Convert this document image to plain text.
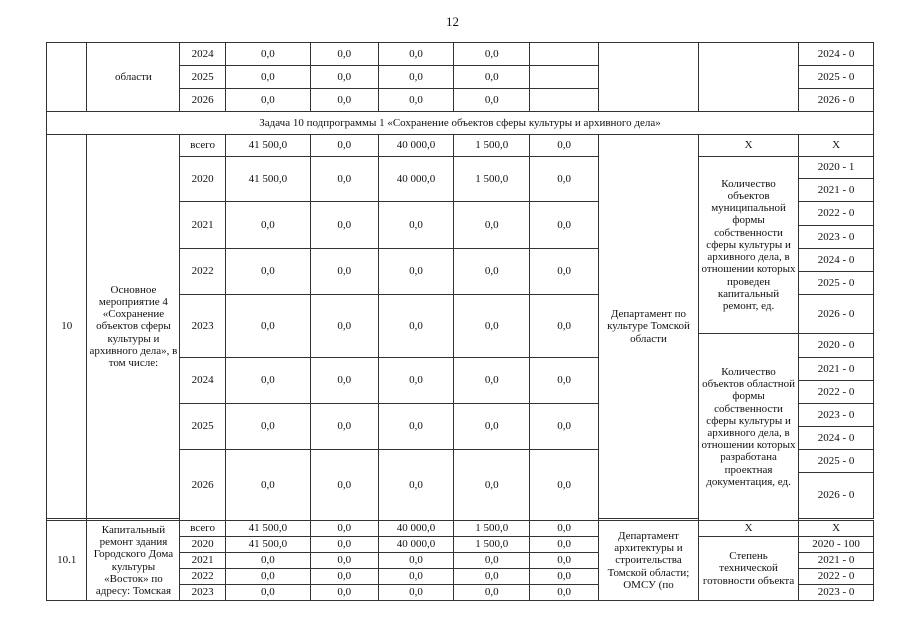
12
	области	2024	0,0	0,0	0,0	0,0				2024 - 0
		2025	0,0	0,0	0,0	0,0				2025 - 0
		2026	0,0	0,0	0,0	0,0				2026 - 0
Задача 10 подпрограммы 1 «Сохранение объектов сферы культуры и архивного дела»										
10	Основное мероприятие 4 «Сохранение объектов сферы культуры и архивного дела», в том числе:	всего	41 500,0	0,0	40 000,0	1 500,0	0,0	Департамент по культуре Томской области	X	X
		2020	41 500,0	0,0	40 000,0	1 500,0	0,0		Количество объектов муниципальной формы собственности сферы культуры и архивного дела, в отношении которых проведен капитальный ремонт, ед.	2020 - 1
										2021 - 0
		2021	0,0	0,0	0,0	0,0	0,0			2022 - 0
										2023 - 0
		2022	0,0	0,0	0,0	0,0	0,0			2024 - 0
										2025 - 0
		2023	0,0	0,0	0,0	0,0	0,0			2026 - 0
									Количество объектов областной формы собственности сферы культуры и архивного дела, в отношении которых разработана проектная документация, ед.	2020 - 0
		2024	0,0	0,0	0,0	0,0	0,0			2021 - 0
										2022 - 0
		2025	0,0	0,0	0,0	0,0	0,0			2023 - 0
										2024 - 0
		2026	0,0	0,0	0,0	0,0	0,0			2025 - 0
										2026 - 0

10.1	Капитальный ремонт здания Городского Дома культуры «Восток» по адресу: Томская	всего	41 500,0	0,0	40 000,0	1 500,0	0,0	Департамент архитектуры и строительства Томской области; ОМСУ (по	X	X
		2020	41 500,0	0,0	40 000,0	1 500,0	0,0		Степень технической готовности объекта	2020 - 100
		2021	0,0	0,0	0,0	0,0	0,0			2021 - 0
		2022	0,0	0,0	0,0	0,0	0,0			2022 - 0
		2023	0,0	0,0	0,0	0,0	0,0			2023 - 0
